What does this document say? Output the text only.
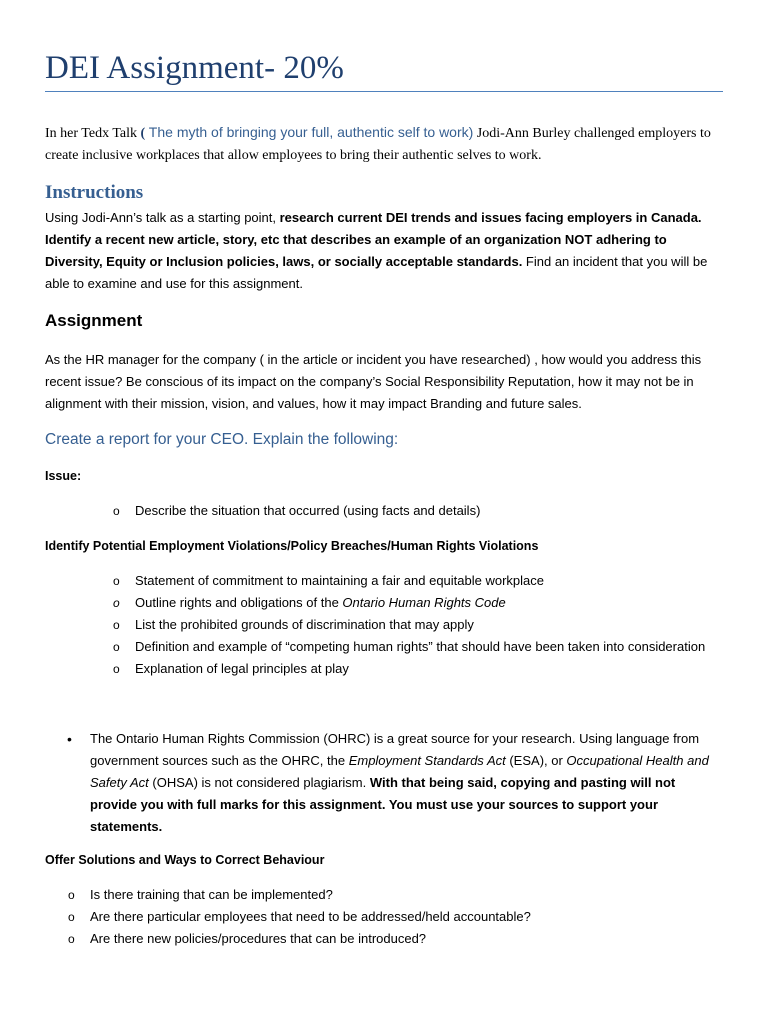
DEI Assignment- 20%
In her Tedx Talk ( The myth of bringing your full, authentic self to work) Jodi-Ann Burley challenged employers to create inclusive workplaces that allow employees to bring their authentic selves to work.
Instructions
Using Jodi-Ann’s talk as a starting point, research current DEI trends and issues facing employers in Canada. Identify a recent new article, story, etc that describes an example of an organization NOT adhering to Diversity, Equity or Inclusion policies, laws, or socially acceptable standards. Find an incident that you will be able to examine and use for this assignment.
Assignment
As the HR manager for the company ( in the article or incident you have researched) , how would you address this recent issue? Be conscious of its impact on the company’s Social Responsibility Reputation, how it may not be in alignment with their mission, vision, and values, how it may impact Branding and future sales.
Create a report for your CEO. Explain the following:
Issue:
o Describe the situation that occurred (using facts and details)
Identify Potential Employment Violations/Policy Breaches/Human Rights Violations
o Statement of commitment to maintaining a fair and equitable workplace
o Outline rights and obligations of the Ontario Human Rights Code
o List the prohibited grounds of discrimination that may apply
o Definition and example of “competing human rights” that should have been taken into consideration
o Explanation of legal principles at play
• The Ontario Human Rights Commission (OHRC) is a great source for your research. Using language from government sources such as the OHRC, the Employment Standards Act (ESA), or Occupational Health and Safety Act (OHSA) is not considered plagiarism. With that being said, copying and pasting will not provide you with full marks for this assignment. You must use your sources to support your statements.
Offer Solutions and Ways to Correct Behaviour
o Is there training that can be implemented?
o Are there particular employees that need to be addressed/held accountable?
o Are there new policies/procedures that can be introduced?
